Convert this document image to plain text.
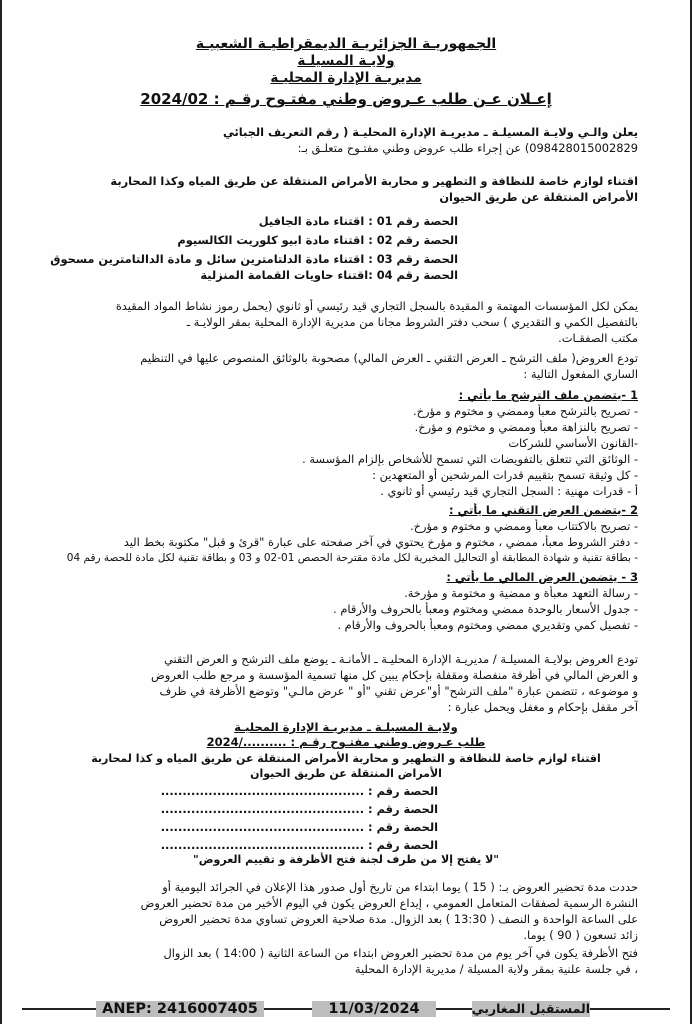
الجمهوريـة الجزائريـة الديمقراطيـة الشعبيـة
ولايـة المسيلـة
مديريـة الإدارة المحليـة
إعـلان عـن طلب عـروض وطني مفتـوح رقـم : 2024/02
يعلن والـي ولايـة المسيلـة ـ مديريـة الإدارة المحليـة ( رقم التعريف الجبائي
098428015002829) عن إجراء طلب عروض وطني مفتـوح متعلـق بـ:
اقتناء لوازم خاصة للنظافة و التطهير و محاربة الأمراض المنتقلة عن طريق المياه وكذا المحاربة
الأمراض المنتقلة عن طريق الحيوان
الحصة رقم 01 : اقتناء مادة الجافيل
الحصة رقم 02 : اقتناء مادة ابيو كلوريت الكالسيوم
الحصة رقم 03 : اقتناء مادة الدلتامترين سائل و مادة الدالتامترين مسحوق
الحصة رقم 04 :اقتناء حاويات القمامة المنزلية
يمكن لكل المؤسسات المهتمة و المقيدة بالسجل التجاري قيد رئيسي أو ثانوي (يحمل رموز نشاط المواد المقيدة
بالتفصيل الكمي و التقديري ) سحب دفتر الشروط مجانا من مديرية الإدارة المحلية بمقر الولايـة ـ
مكتب الصفقـات.
تودع العروض( ملف الترشح ـ العرض التقني ـ العرض المالي) مصحوبة بالوثائق المنصوص عليها في التنظيم
الساري المفعول التالية :
1 -يتضمن ملف الترشح ما يأتي :
- تصريح بالترشح معبأ وممضي و مختوم و مؤرخ.
- تصريح بالنزاهة معبأ وممضي و مختوم و مؤرخ.
-القانون الأساسي للشركات
- الوثائق التي تتعلق بالتفويضات التي تسمح للأشخاص بإلزام المؤسسة .
- كل وثيقة تسمح بتقييم قدرات المرشحين أو المتعهدين :
أ - قدرات مهنية : السجل التجاري قيد رئيسي أو ثانوي .
2 -يتضمن العرض التقني ما يأتي :
- تصريح بالاكتتاب معبأ وممضي و مختوم و مؤرخ.
- دفتر الشروط معبأ، ممضي ، مختوم و مؤرخ يحتوي في آخر صفحته على عبارة "قرئ و قبل" مكتوبة بخط اليد
- بطاقة تقنية و شهادة المطابقة أو التحاليل المخبرية لكل مادة مقترحة الحصص 01-02 و 03 و بطاقة تقنية لكل مادة للحصة رقم 04
3 - يتضمن العرض المالي ما يأتي :
- رسالة التعهد معبأة و ممضية و مختومة و مؤرخة.
- جدول الأسعار بالوحدة ممضي ومختوم ومعبأ بالحروف والأرقام .
- تفصيل كمي وتقديري ممضي ومختوم ومعبأ بالحروف والأرقام .
تودع العروض بولايـة المسيلـة / مديريـة الإدارة المحليـة ـ الأمانـة ـ يوضع ملف الترشح و العرض التقني
و العرض المالي في أظرفة منفصلة ومقفلة بإحكام يبين كل منها تسمية المؤسسة و مرجع طلب العروض
و موضوعه ، تتضمن عبارة "ملف الترشح" أو"عرض تقني "أو " عرض مالـي" وتوضع الأظرفة في ظرف
آخر مقفل بإحكام و مغفل ويحمل عبارة :
ولايـة المسيلـة ـ مديريـة الإدارة المحليـة
طلب عـروض وطني مفتـوح رقـم : ........../2024
اقتناء لوازم خاصة للنظافة و التطهير و محاربة الأمراض المنتقلة عن طريق المياه و كذا لمحاربة
الأمراض المنتقلة عن طريق الحيوان
الحصة رقم : ...............................................
الحصة رقم : ...............................................
الحصة رقم : ...............................................
الحصة رقم : ...............................................
"لا يفتح إلا من طرف لجنة فتح الأظرفة و تقييم العروض"
حددت مدة تحضير العروض بـ: ( 15 ) يوما ابتداء من تاريخ أول صدور هذا الإعلان في الجرائد اليومية أو
النشرة الرسمية لصفقات المتعامل العمومي ، إيداع العروض يكون في اليوم الأخير من مدة تحضير العروض
على الساعة الواحدة و النصف ( 13:30 ) بعد الزوال. مدة صلاحية العروض تساوي مدة تحضير العروض
زائد تسعون ( 90 ) يوما.
فتح الأظرفة يكون في آخر يوم من مدة تحضير العروض ابتداء من الساعة الثانية ( 14:00 ) بعد الزوال
، في جلسة علنية بمقر ولاية المسيلة / مديرية الإدارة المحلية
ANEP: 2416007405	11/03/2024	المستقبل المغاربي
